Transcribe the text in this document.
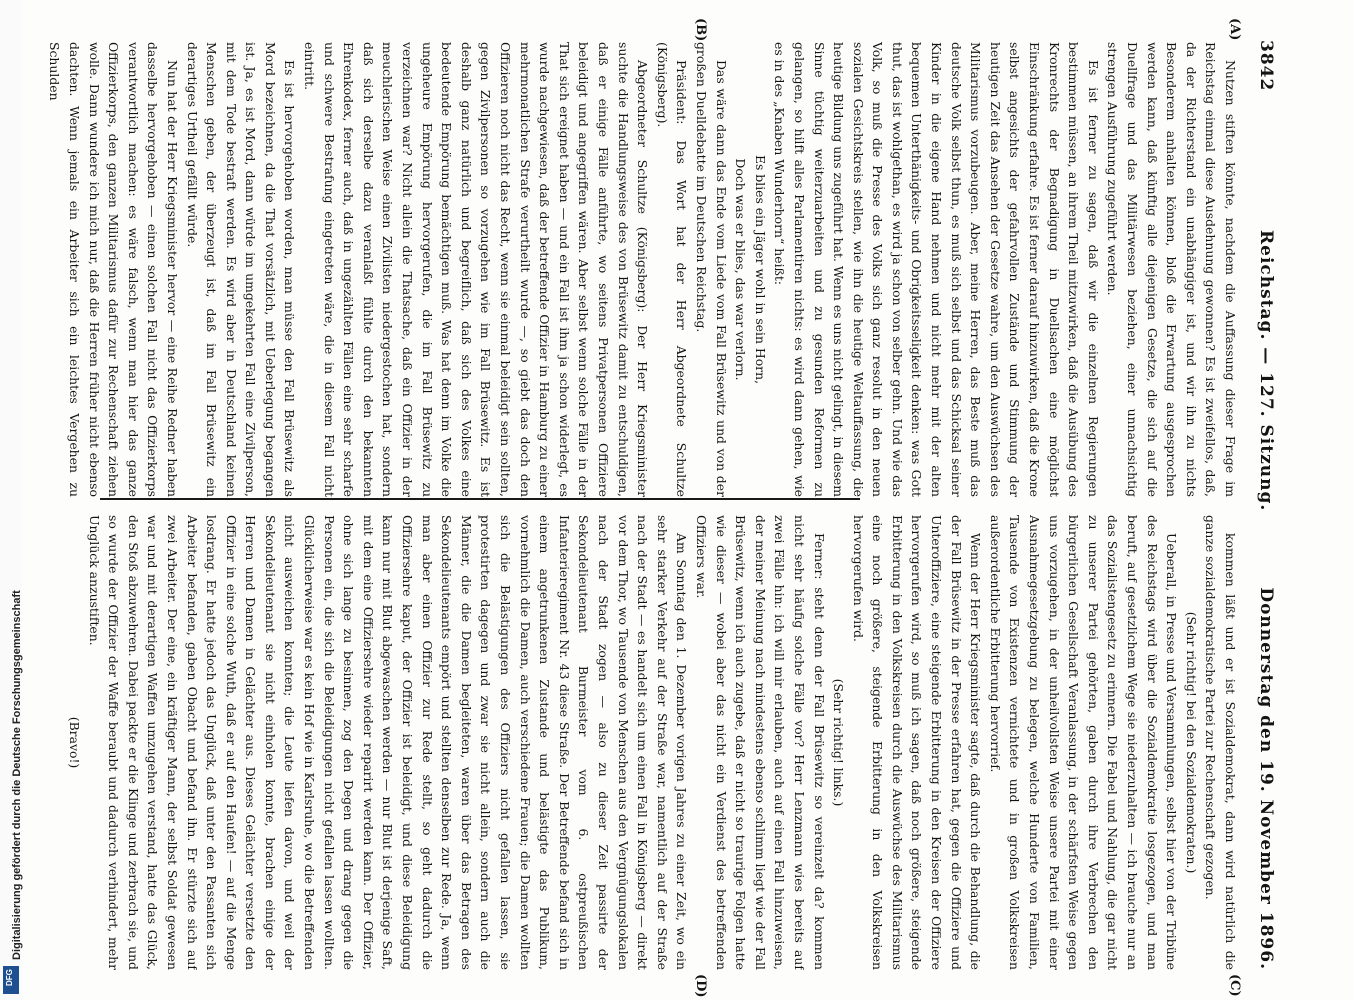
3842
Reichstag. — 127. Sitzung.
Donnerstag den 19. November 1896.
(A)
(B)
(C)
(D)

Nutzen stiften könnte, nachdem die Auffassung dieser Frage im Reichstag einmal diese Ausdehnung gewonnen? Es ist zweifellos, daß, da der Richterstand ein unabhängiger ist, und wir ihn zu nichts Besonderem anhalten können, bloß die Erwartung ausgesprochen werden kann, daß künftig alle diejenigen Gesetze, die sich auf die Duellfrage und das Militärwesen beziehen, einer unnachsichtig strengen Ausführung zugeführt werden.

Es ist ferner zu sagen, daß wir die einzelnen Regierungen bestimmen müssen, an ihrem Theil mitzuwirken, daß die Ausübung des Kronrechts der Begnadigung in Duellsachen eine möglichst Einschränkung erfahre. Es ist ferner darauf hinzuwirken, daß die Krone selbst angesichts der gefahrvollen Zustände und Stimmung der heutigen Zeit das Ansehen der Gesetze wahre, um den Auswüchsen des Militarismus vorzubeugen. Aber, meine Herren, das Beste muß das deutsche Volk selbst thun, es muß sich selbst und das Schicksal seiner Kinder in die eigene Hand nehmen und nicht mehr mit der alten bequemen Unterthänigkeits- und Obrigkeitsseligkeit denken: was Gott thut, das ist wohlgethan, es wird ja schon von selber gehn. Und wie das Volk, so muß die Presse des Volks sich ganz resolut in den neuen sozialen Gesichtskreis stellen, wie ihn die heutige Weltauffassung, die heutige Bildung uns zugeführt hat. Wenn es uns nicht gelingt, in diesem Sinne tüchtig weiterzuarbeiten und zu gesunden Reformen zu gelangen, so hilft alles Parlamentiren nichts: es wird dann gehen, wie es in des „Knaben Wunderhorn“ heißt:

Es blies ein Jäger wohl in sein Horn,

Doch was er blies, das war verlorn.

Das wäre dann das Ende vom Liede vom Fall Brüsewitz und von der großen Duelldebatte im Deutschen Reichstag.

Präsident: Das Wort hat der Herr Abgeordnete Schultze (Königsberg).

Abgeordneter Schultze (Königsberg): Der Herr Kriegsminister suchte die Handlungsweise des von Brüsewitz damit zu entschuldigen, daß er einige Fälle anführte, wo seitens Privatpersonen Offiziere beleidigt und angegriffen wären. Aber selbst wenn solche Fälle in der That sich ereignet haben — und ein Fall ist ihm ja schon widerlegt, es wurde nachgewiesen, daß der betreffende Offizier in Hamburg zu einer mehrmonatlichen Strafe verurtheilt wurde —, so giebt das doch den Offizieren noch nicht das Recht, wenn sie einmal beleidigt sein sollten, gegen Zivilpersonen so vorzugehen wie im Fall Brüsewitz. Es ist deshalb ganz natürlich und begreiflich, daß sich des Volkes eine bedeutende Empörung bemächtigen muß. Was hat denn im Volke die ungeheure Empörung hervorgerufen, die im Fall Brüsewitz zu verzeichnen war? Nicht allein die Thatsache, daß ein Offizier in der meuchlerischen Weise einen Zivilisten niedergestochen hat, sondern daß sich derselbe dazu veranlaßt fühlte durch den bekannten Ehrenkodex, ferner auch, daß in ungezählten Fällen eine sehr scharfe und schwere Bestrafung eingetreten wäre, die in diesem Fall nicht eintritt.

Es ist hervorgehoben worden, man müsse den Fall Brüsewitz als Mord bezeichnen, da die That vorsätzlich, mit Ueberlegung begangen ist. Ja, es ist Mord, dann würde im umgekehrten Fall eine Zivilperson, mit dem Tode bestraft werden. Es wird aber in Deutschland keinen Menschen geben, der überzeugt ist, daß im Fall Brüsewitz ein derartiges Urtheil gefällt würde.

Nun hat der Herr Kriegsminister hervor — eine Reihe Redner haben dasselbe hervorgehoben — einen solchen Fall nicht das Offizierkorps verantwortlich machen: es wäre falsch, wenn man hier das ganze Offizierkorps, den ganzen Militarismus dafür zur Rechenschaft ziehen wolle. Dann wundere ich mich nur, daß die Herren früher nicht ebenso dachten. Wenn jemals ein Arbeiter sich ein leichtes Vergehen zu Schulden

kommen läßt und er ist Sozialdemokrat, dann wird natürlich die ganze sozialdemokratische Partei zur Rechenschaft gezogen.

(Sehr richtig! bei den Sozialdemokraten.)

Ueberall, in Presse und Versammlungen, selbst hier von der Tribüne des Reichstags wird über die Sozialdemokratie losgezogen, und man beruft, auf gesetzlichem Wege sie niederzuhalten — ich brauche nur an das Sozialistengesetz zu erinnern. Die Fabel und Nahlung, die gar nicht zu unserer Partei gehörten, gaben durch ihre Verbrechen den bürgerlichen Gesellschaft Veranlassung, in der schärfsten Weise gegen uns vorzugehen, in der unheilvollsten Weise unsere Partei mit einer Ausnahmegesetzgebung zu belegen, welche Hunderte von Familien, Tausende von Existenzen vernichtete und in großen Volkskreisen außerordentliche Erbitterung hervorrief.

Wenn der Herr Kriegsminister sagte, daß durch die Behandlung, die der Fall Brüsewitz in der Presse erfahren hat, gegen die Offiziere und Unteroffiziere, eine steigende Erbitterung in den Kreisen der Offiziere hervorgerufen wird, so muß ich sagen, daß noch größere, steigende Erbitterung in den Volkskreisen durch die Auswüchse des Militarismus eine noch größere, steigende Erbitterung in den Volkskreisen hervorgerufen wird.

(Sehr richtig! links.)

Ferner: steht denn der Fall Brüsewitz so vereinzelt da? kommen nicht sehr häufig solche Fälle vor? Herr Lenzmann wies bereits auf zwei Fälle hin: ich will mir erlauben, auch auf einen Fall hinzuweisen, der meiner Meinung nach mindestens ebenso schlimm liegt wie der Fall Brüsewitz, wenn ich auch zugebe, daß er nicht so traurige Folgen hatte wie dieser — wobei aber das nicht ein Verdienst des betreffenden Offiziers war.

Am Sonntag den 1. Dezember vorigen Jahres zu einer Zeit, wo ein sehr starker Verkehr auf der Straße war, namentlich auf der Straße nach der Stadt — es handelt sich um einen Fall in Königsberg — direkt vor dem Thor, wo Tausende von Menschen aus den Vergnügungslokalen nach der Stadt zogen — also zu dieser Zeit passirte der Sekondelieutenant Burmeister vom 6. ostpreußischen Infanterieregiment Nr. 43 diese Straße. Der Betreffende befand sich in einem angetrunkenen Zustande und belästigte das Publikum, vornehmlich die Damen, auch verschiedene Frauen; die Damen wollten sich die Belästigungen des Offiziers nicht gefallen lassen, sie protestirten dagegen und zwar sie nicht allein, sondern auch die Männer, die die Damen begleiteten, waren über das Betragen des Sekondelieutenants empört und stellten denselben zur Rede. Ja, wenn man aber einen Offizier zur Rede stellt, so geht dadurch die Offiziersehre kaput, der Offizier ist beleidigt, und diese Beleidigung kann nur mit Blut abgewaschen werden — nur Blut ist derjenige Saft, mit dem eine Offiziersehre wieder reparirt werden kann. Der Offizier, ohne sich lange zu besinnen, zog den Degen und drang gegen die Personen ein, die sich die Beleidigungen nicht gefallen lassen wollten. Glücklicherweise war es kein Hof wie in Karlsruhe, wo die Betreffenden nicht ausweichen konnten; die Leute liefen davon, und weil der Sekondelieutenant sie nicht einholen konnte, brachen einige der Herren und Damen in Gelächter aus. Dieses Gelächter versetzte den Offizier in eine solche Wuth, daß er auf den Haufen! — auf die Menge losdrang. Er hatte jedoch das Unglück, daß unter den Passanten sich Arbeiter befanden, gaben Obacht und befand ihn. Er stürzte sich auf zwei Arbeiter. Der eine, ein kräftiger Mann, der selbst Soldat gewesen war und mit derartigen Waffen umzugehen verstand, hatte das Glück, den Stoß abzuwehren. Dabei packte er die Klinge und zerbrach sie, und so wurde der Offizier der Waffe beraubt und dadurch verhindert, mehr Unglück anzustiften.

(Bravo!)

Digitalisierung gefördert durch die Deutsche Forschungsgemeinschaft
DFG
